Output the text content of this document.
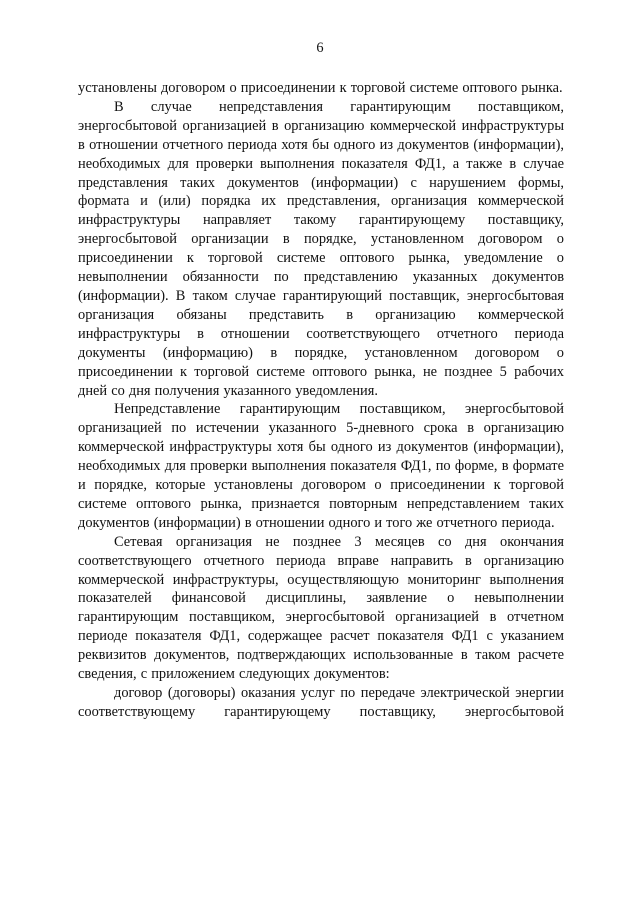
6

установлены договором о присоединении к торговой системе оптового рынка.

В случае непредставления гарантирующим поставщиком, энергосбытовой организацией в организацию коммерческой инфраструктуры в отношении отчетного периода хотя бы одного из документов (информации), необходимых для проверки выполнения показателя ФД1, а также в случае представления таких документов (информации) с нарушением формы, формата и (или) порядка их представления, организация коммерческой инфраструктуры направляет такому гарантирующему поставщику, энергосбытовой организации в порядке, установленном договором о присоединении к торговой системе оптового рынка, уведомление о невыполнении обязанности по представлению указанных документов (информации). В таком случае гарантирующий поставщик, энергосбытовая организация обязаны представить в организацию коммерческой инфраструктуры в отношении соответствующего отчетного периода документы (информацию) в порядке, установленном договором о присоединении к торговой системе оптового рынка, не позднее 5 рабочих дней со дня получения указанного уведомления.

Непредставление гарантирующим поставщиком, энергосбытовой организацией по истечении указанного 5-дневного срока в организацию коммерческой инфраструктуры хотя бы одного из документов (информации), необходимых для проверки выполнения показателя ФД1, по форме, в формате и порядке, которые установлены договором о присоединении к торговой системе оптового рынка, признается повторным непредставлением таких документов (информации) в отношении одного и того же отчетного периода.

Сетевая организация не позднее 3 месяцев со дня окончания соответствующего отчетного периода вправе направить в организацию коммерческой инфраструктуры, осуществляющую мониторинг выполнения показателей финансовой дисциплины, заявление о невыполнении гарантирующим поставщиком, энергосбытовой организацией в отчетном периоде показателя ФД1, содержащее расчет показателя ФД1 с указанием реквизитов документов, подтверждающих использованные в таком расчете сведения, с приложением следующих документов:

договор (договоры) оказания услуг по передаче электрической энергии соответствующему гарантирующему поставщику, энергосбытовой
